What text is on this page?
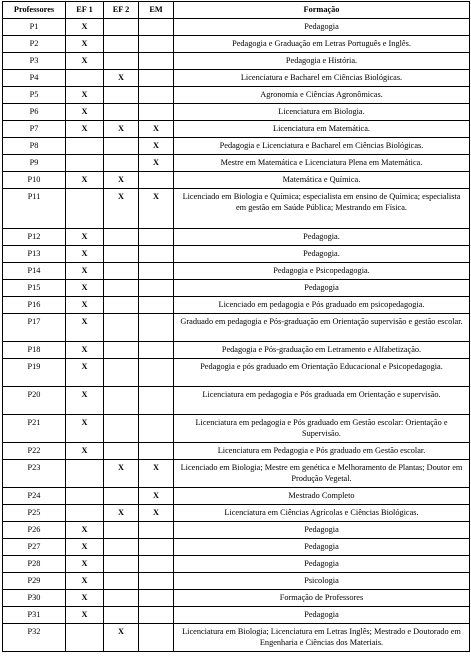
Professores	EF 1	EF 2	EM	Formação
P1	X			Pedagogia
P2	X			Pedagogia e Graduação em Letras Português e Inglês.
P3	X			Pedagogia e História.
P4		X		Licenciatura e Bacharel em Ciências Biológicas.
P5	X			Agronomia e Ciências Agronômicas.
P6	X			Licenciatura em Biologia.
P7	X	X	X	Licenciatura em Matemática.
P8			X	Pedagogia e Licenciatura e Bacharel em Ciências Biológicas.
P9			X	Mestre em Matemática e Licenciatura Plena em Matemática.
P10	X	X		Matemática e Química.
P11		X	X	Licenciado em Biologia e Química; especialista em ensino de Química; especialista em gestão em Saúde Pública; Mestrando em Física.
P12	X			Pedagogia.
P13	X			Pedagogia.
P14	X			Pedagogia e Psicopedagogia.
P15	X			Pedagogia
P16	X			Licenciado em pedagogia e Pós graduado em psicopedagogia.
P17	X			Graduado em pedagogia e Pós-graduação em Orientação supervisão e gestão escolar.
P18	X			Pedagogia e Pós-graduação em Letramento e Alfabetização.
P19	X			Pedagogia e pós graduado em Orientação Educacional e Psicopedagogia.
P20	X			Licenciatura em pedagogia e Pós graduada em Orientação e supervisão.
P21	X			Licenciatura em pedagogia e Pós graduado em Gestão escolar: Orientação e Supervisão.
P22	X			Licenciatura em Pedagogia e Pós graduado em Gestão escolar.
P23		X	X	Licenciado em Biologia; Mestre em genética e Melhoramento de Plantas; Doutor em Produção Vegetal.
P24			X	Mestrado Completo
P25		X	X	Licenciatura em Ciências Agrícolas e Ciências Biológicas.
P26	X			Pedagogia
P27	X			Pedagogia
P28	X			Pedagogia
P29	X			Psicologia
P30	X			Formação de Professores
P31	X			Pedagogia
P32		X		Licenciatura em Biologia; Licenciatura em Letras Inglês; Mestrado e Doutorado em Engenharia e Ciências dos Materiais.
